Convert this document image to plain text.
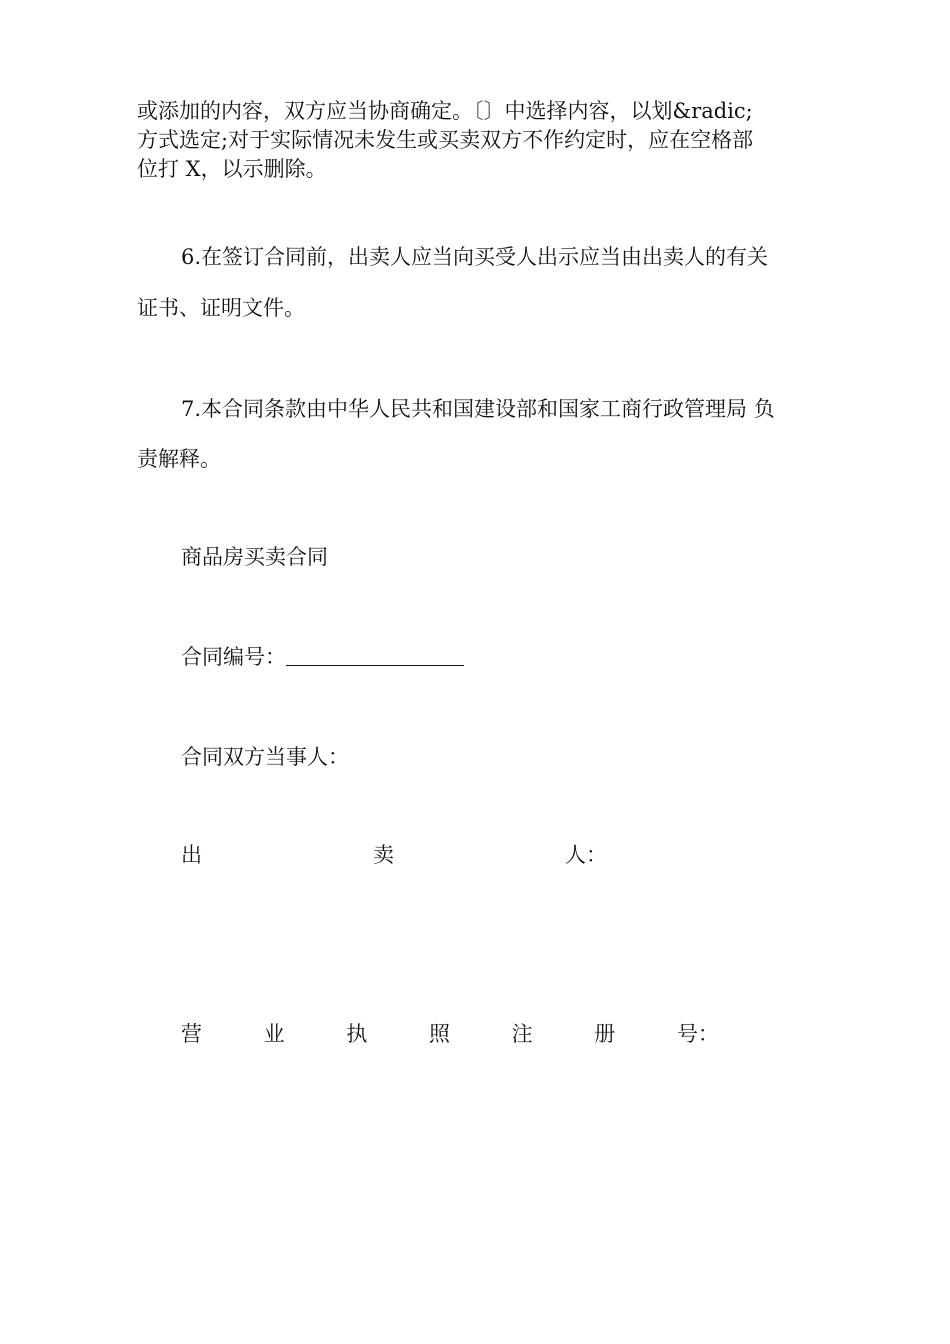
或添加的内容，双方应当协商确定。〔〕中选择内容，以划&radic;
方式选定;对于实际情况未发生或买卖双方不作约定时，应在空格部
位打 X，以示删除。
6.在签订合同前，出卖人应当向买受人出示应当由出卖人的有关
证书、证明文件。
7.本合同条款由中华人民共和国建设部和国家工商行政管理局 负
责解释。
商品房买卖合同
合同编号：
合同双方当事人：
出	卖	人：
营	业	执	照	注	册	号：
